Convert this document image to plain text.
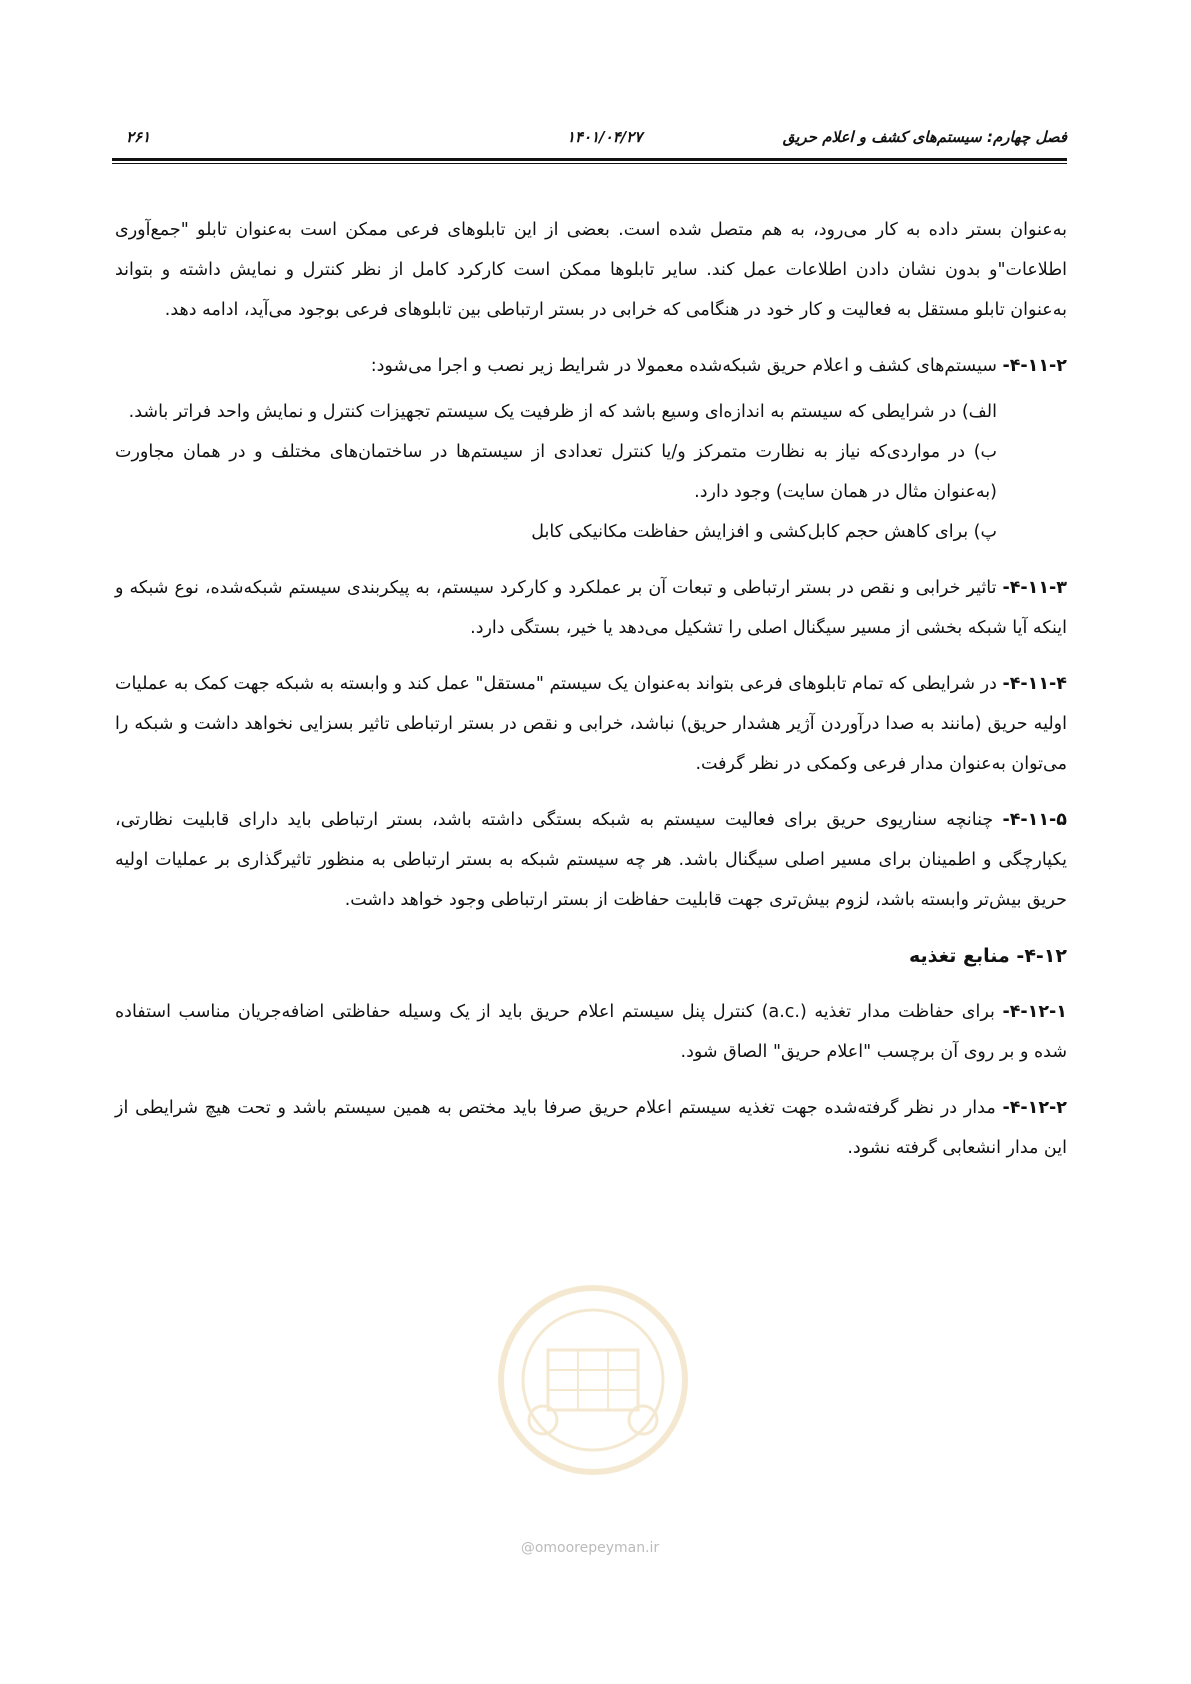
فصل چهارم: سیستم‌های کشف و اعلام حریق
۱۴۰۱/۰۴/۲۷
۲۶۱

به‌عنوان بستر داده به کار می‌رود، به هم متصل شده است. بعضی از این تابلوهای فرعی ممکن است به‌عنوان تابلو "جمع‌آوری اطلاعات"و بدون نشان دادن اطلاعات عمل کند. سایر تابلوها ممکن است کارکرد کامل از نظر کنترل و نمایش داشته و بتواند به‌عنوان تابلو مستقل به فعالیت و کار خود در هنگامی که خرابی در بستر ارتباطی بین تابلوهای فرعی بوجود می‌آید، ادامه دهد.

۴-۱۱-۲- سیستم‌های کشف و اعلام حریق شبکه‌شده معمولا در شرایط زیر نصب و اجرا می‌شود:

الف) در شرایطی که سیستم به اندازه‌ای وسیع باشد که از ظرفیت یک سیستم تجهیزات کنترل و نمایش واحد فراتر باشد.

ب) در مواردی‌که نیاز به نظارت متمرکز و/یا کنترل تعدادی از سیستم‌ها در ساختمان‌های مختلف و در همان مجاورت (به‌عنوان مثال در همان سایت) وجود دارد.

پ) برای کاهش حجم کابل‌کشی و افزایش حفاظت مکانیکی کابل

۴-۱۱-۳- تاثیر خرابی و نقص در بستر ارتباطی و تبعات آن بر عملکرد و کارکرد سیستم، به پیکربندی سیستم شبکه‌شده، نوع شبکه و اینکه آیا شبکه بخشی از مسیر سیگنال اصلی را تشکیل می‌دهد یا خیر، بستگی دارد.

۴-۱۱-۴- در شرایطی که تمام تابلوهای فرعی بتواند به‌عنوان یک سیستم "مستقل" عمل کند و وابسته به شبکه جهت کمک به عملیات اولیه حریق (مانند به صدا درآوردن آژیر هشدار حریق) نباشد، خرابی و نقص در بستر ارتباطی تاثیر بسزایی نخواهد داشت و شبکه را می‌توان به‌عنوان مدار فرعی وکمکی در نظر گرفت.

۴-۱۱-۵- چنانچه سناریوی حریق برای فعالیت سیستم به شبکه بستگی داشته باشد، بستر ارتباطی باید دارای قابلیت نظارتی، یکپارچگی و اطمینان برای مسیر اصلی سیگنال باشد. هر چه سیستم شبکه به بستر ارتباطی به منظور تاثیرگذاری بر عملیات اولیه حریق بیش‌تر وابسته باشد، لزوم بیش‌تری جهت قابلیت حفاظت از بستر ارتباطی وجود خواهد داشت.

۴-۱۲- منابع تغذیه

۴-۱۲-۱- برای حفاظت مدار تغذیه (.a.c) کنترل پنل سیستم اعلام حریق باید از یک وسیله حفاظتی اضافه‌جریان مناسب استفاده شده و بر روی آن برچسب "اعلام حریق" الصاق شود.

۴-۱۲-۲- مدار در نظر گرفته‌شده جهت تغذیه سیستم اعلام حریق صرفا باید مختص به همین سیستم باشد و تحت هیچ شرایطی از این مدار انشعابی گرفته نشود.

@omoorepeyman.ir
